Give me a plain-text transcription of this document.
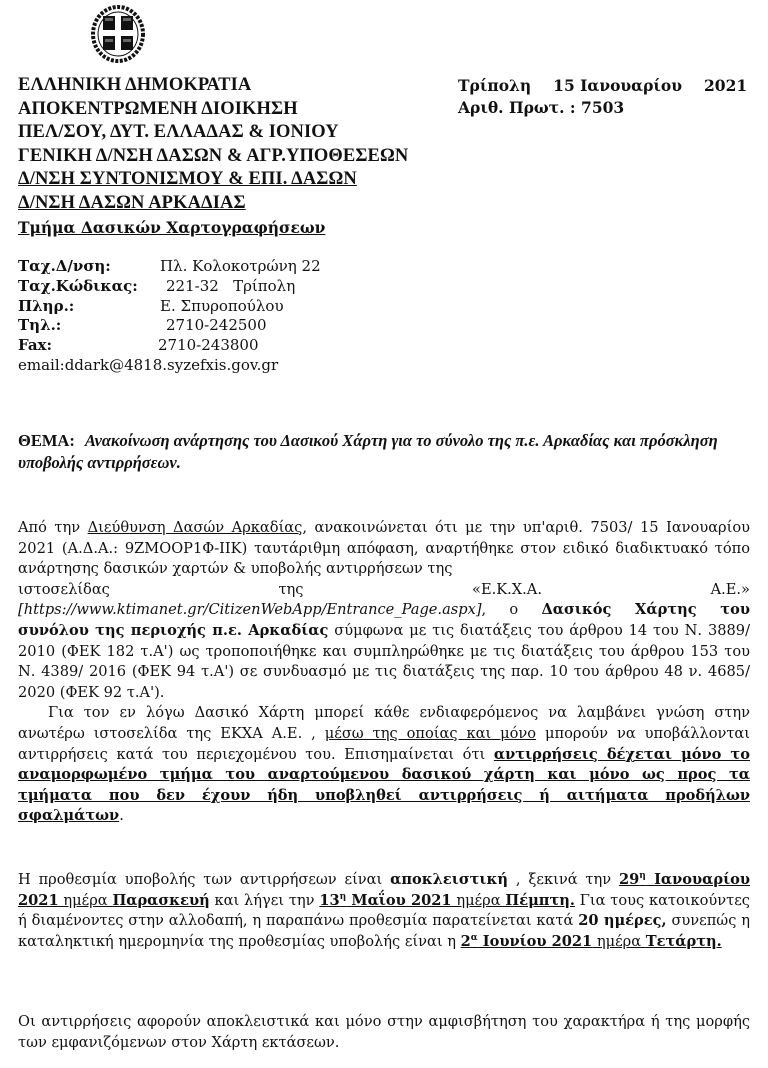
ΕΛΛΗΝΙΚΗ ΔΗΜΟΚΡΑΤΙΑ
ΑΠΟΚΕΝΤΡΩΜΕΝΗ ΔΙΟΙΚΗΣΗ
ΠΕΛ/ΣΟΥ, ΔΥΤ. ΕΛΛΑΔΑΣ & ΙΟΝΙΟΥ
ΓΕΝΙΚΗ Δ/ΝΣΗ ΔΑΣΩΝ & ΑΓΡ.ΥΠΟΘΕΣΕΩΝ
Δ/ΝΣΗ ΣΥΝΤΟΝΙΣΜΟΥ & ΕΠΙ. ΔΑΣΩΝ
Δ/ΝΣΗ ΔΑΣΩΝ ΑΡΚΑΔΙΑΣ
Τμήμα Δασικών Χαρτογραφήσεων
Τρίπολη 15 Ιανουαρίου 2021
Αριθ. Πρωτ. : 7503
Ταχ.Δ/νση:	Πλ. Κολοκοτρώνη 22
Ταχ.Κώδικας: 221-32   Τρίπολη
Πληρ.:	Ε. Σπυροπούλου
Τηλ.:	2710-242500
Fax:	2710-243800
email:ddark@4818.syzefxis.gov.gr
ΘΕΜΑ: Ανακοίνωση ανάρτησης του Δασικού Χάρτη για το σύνολο της π.ε. Αρκαδίας και πρόσκληση υποβολής αντιρρήσεων.

Από την Διεύθυνση Δασών Αρκαδίας, ανακοινώνεται ότι με την υπ'αριθ. 7503/ 15 Ιανουαρίου 2021 (Α.Δ.Α.: 9ΖΜΟΟΡ1Φ-ΙΙΚ) ταυτάριθμη απόφαση, αναρτήθηκε στον ειδικό διαδικτυακό τόπο ανάρτησης δασικών χαρτών & υποβολής αντιρρήσεων της

ιστοσελίδας	της	«Ε.Κ.Χ.Α.	Α.Ε.»

[https://www.ktimanet.gr/CitizenWebApp/Entrance_Page.aspx], ο Δασικός Χάρτης του συνόλου της περιοχής π.ε. Αρκαδίας σύμφωνα με τις διατάξεις του άρθρου 14 του Ν. 3889/ 2010 (ΦΕΚ 182 τ.Α') ως τροποποιήθηκε και συμπληρώθηκε με τις διατάξεις του άρθρου 153 του Ν. 4389/ 2016 (ΦΕΚ 94 τ.Α') σε συνδυασμό με τις διατάξεις της παρ. 10 του άρθρου 48 ν. 4685/ 2020 (ΦΕΚ 92 τ.Α').

Για τον εν λόγω Δασικό Χάρτη μπορεί κάθε ενδιαφερόμενος να λαμβάνει γνώση στην ανωτέρω ιστοσελίδα της ΕΚΧΑ Α.Ε. , μέσω της οποίας και μόνο μπορούν να υποβάλλονται αντιρρήσεις κατά του περιεχομένου του. Επισημαίνεται ότι αντιρρήσεις δέχεται μόνο το αναμορφωμένο τμήμα του αναρτούμενου δασικού χάρτη και μόνο ως προς τα τμήματα που δεν έχουν ήδη υποβληθεί αντιρρήσεις ή αιτήματα προδήλων σφαλμάτων.

Η προθεσμία υποβολής των αντιρρήσεων είναι αποκλειστική , ξεκινά την $29^\eta$ Ιανουαρίου 2021 ημέρα Παρασκευή και λήγει την $13^\eta$ Μαΐου 2021 ημέρα Πέμπτη. Για τους κατοικούντες ή διαμένοντες στην αλλοδαπή, η παραπάνω προθεσμία παρατείνεται κατά 20 ημέρες, συνεπώς η καταληκτική ημερομηνία της προθεσμίας υποβολής είναι η $2^\alpha$ Ιουνίου 2021 ημέρα Τετάρτη.

Οι αντιρρήσεις αφορούν αποκλειστικά και μόνο στην αμφισβήτηση του χαρακτήρα ή της μορφής των εμφανιζόμενων στον Χάρτη εκτάσεων.
